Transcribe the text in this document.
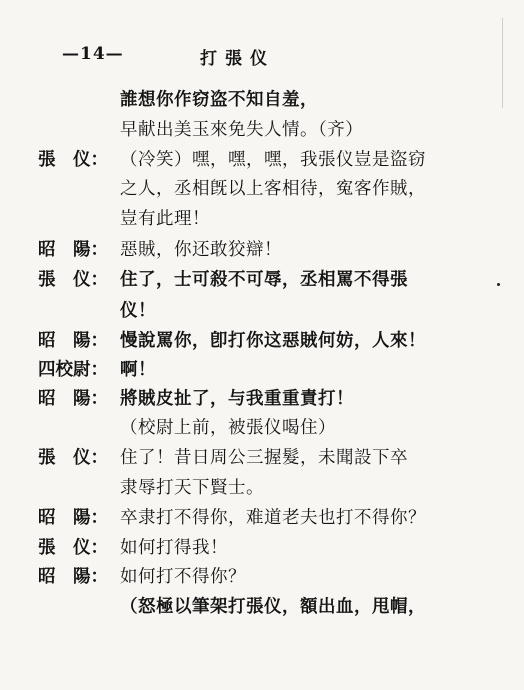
—14—	打張仪
誰想你作窃盗不知自羞，
早献出美玉來免失人情。（齐）
張　仪： （冷笑）嘿，嘿，嘿，我張仪豈是盜窃
之人，丞相旣以上客相待，寃客作賊，
豈有此理！
昭　陽： 惡賊，你还敢狡辯！
張　仪： 住了，士可殺不可辱，丞相罵不得張
仪！
昭　陽： 慢說罵你，卽打你这惡賊何妨，人來！
四校尉： 啊！
昭　陽： 將賊皮扯了，与我重重責打！
（校尉上前，被張仪喝住）
張　仪： 住了！昔日周公三握髮，未聞設下卒
隶辱打天下賢士。
昭　陽： 卒隶打不得你，难道老夫也打不得你？
張　仪： 如何打得我！
昭　陽： 如何打不得你？
（怒極以筆架打張仪，額出血，甩帽，
